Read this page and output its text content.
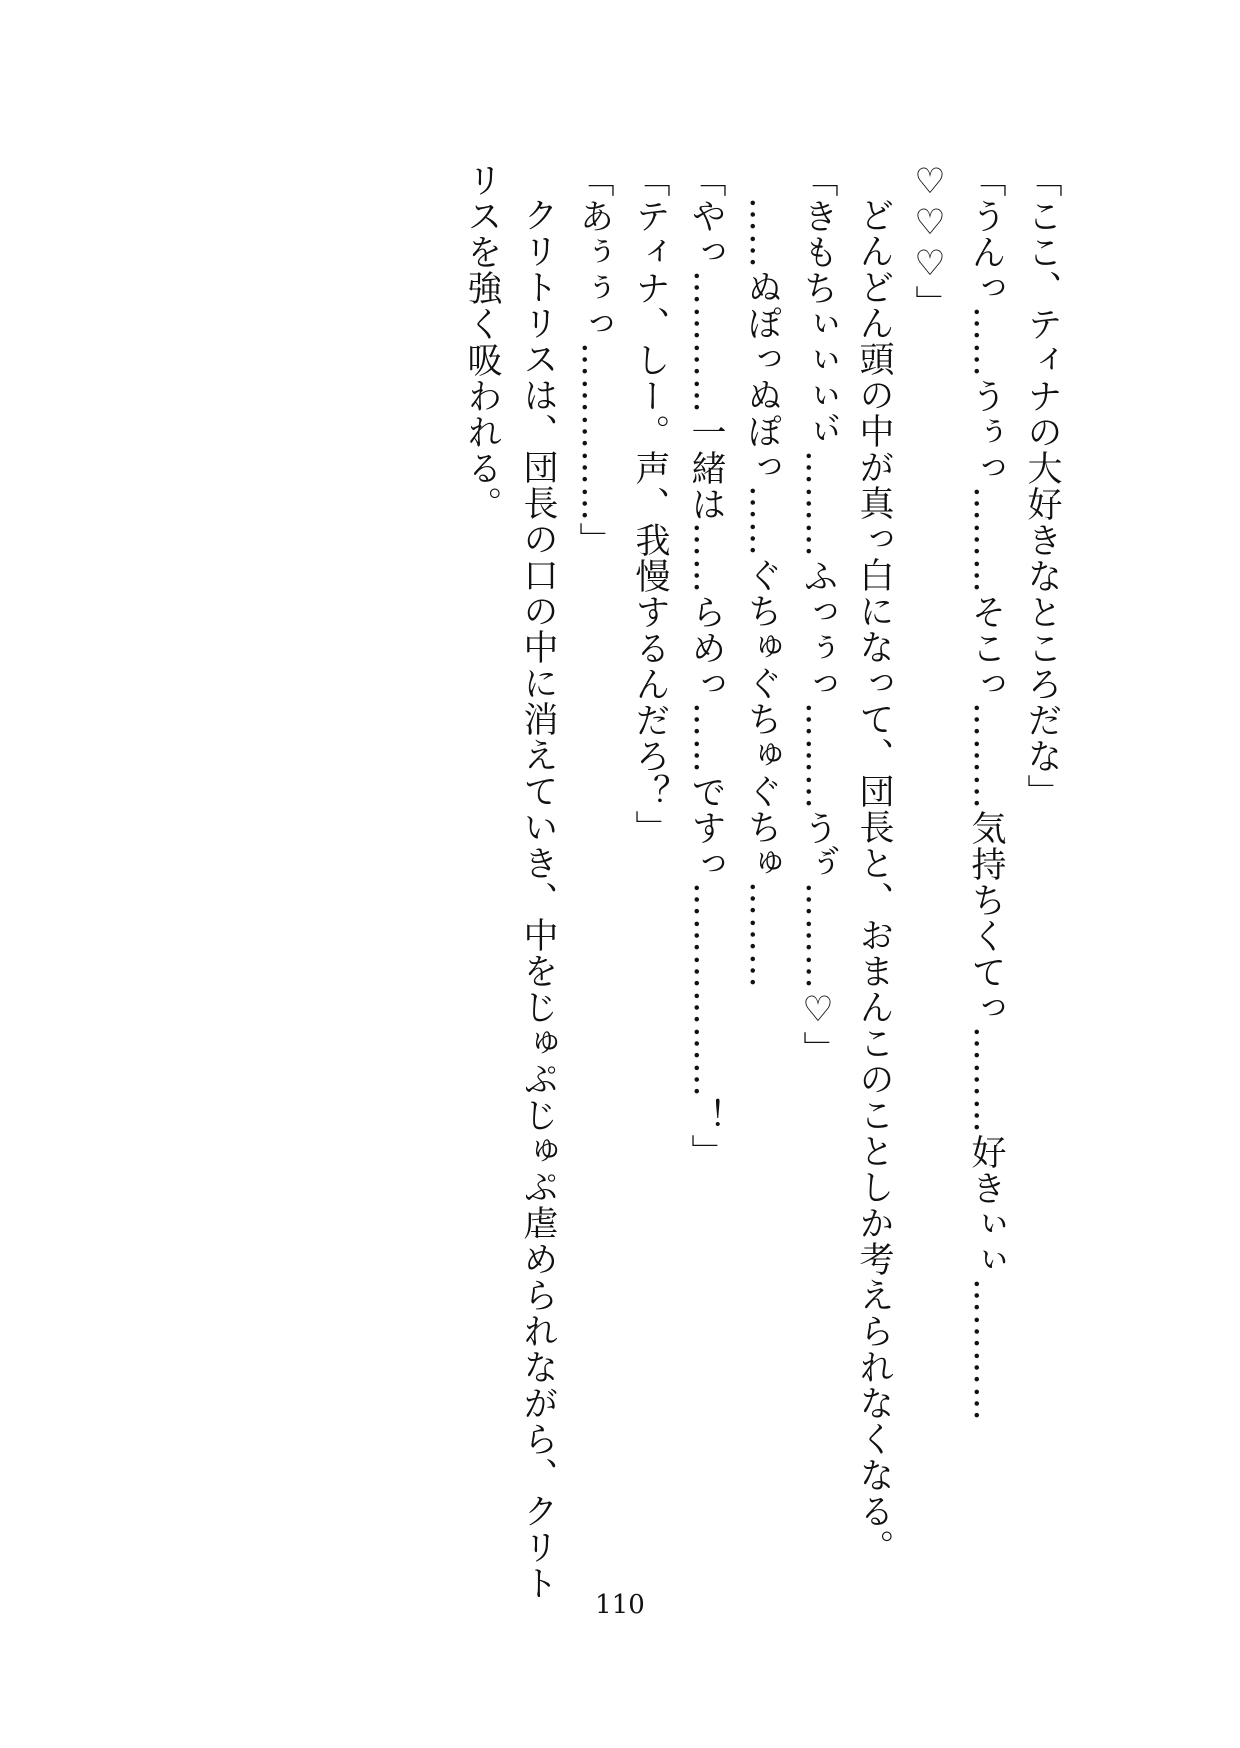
「ここ、ティナの大好きなところだな」
「うんっ……うぅっ………そこっ………気持ちくてっ………好きぃぃ…………
♡♡♡」
どんどん頭の中が真っ白になって、団長と、おまんこのことしか考えられなくなる。
「きもちぃぃぃぃ゙………ふっぅっ………うぅ゙………♡」
……ぬぽっぬぽっ……ぐちゅぐちゅぐちゅ………
「やっ…………一緒は……らめっ……ですっ………………！」
「ティナ、しー。声、我慢するんだろ？」
「あぅぅっ……………」
クリトリスは、団長の口の中に消えていき、中をじゅぷじゅぷ虐められながら、クリト
リスを強く吸われる。
110
